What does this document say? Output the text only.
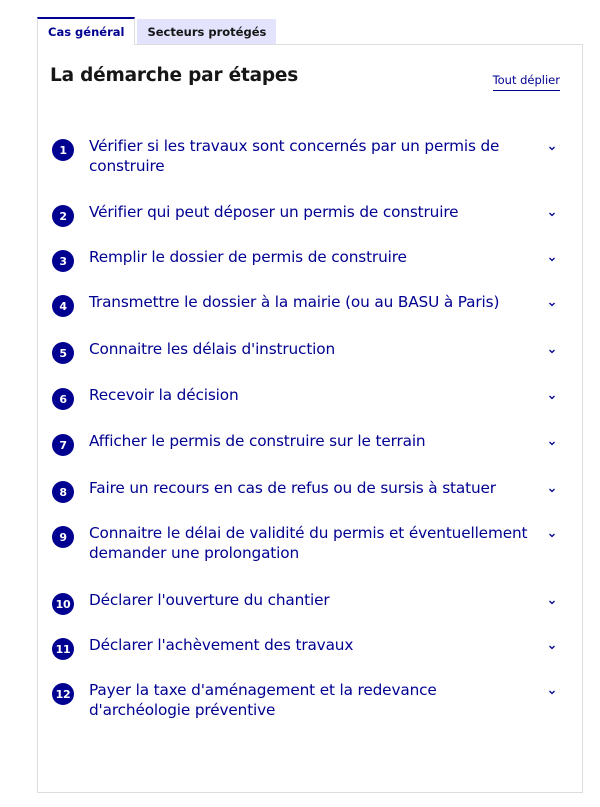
Cas général	Secteurs protégés
La démarche par étapes	Tout déplier
1	Vérifier si les travaux sont concernés par un permis de construire
2	Vérifier qui peut déposer un permis de construire
3	Remplir le dossier de permis de construire
4	Transmettre le dossier à la mairie (ou au BASU à Paris)
5	Connaitre les délais d'instruction
6	Recevoir la décision
7	Afficher le permis de construire sur le terrain
8	Faire un recours en cas de refus ou de sursis à statuer
9	Connaitre le délai de validité du permis et éventuellement demander une prolongation
10 Déclarer l'ouverture du chantier
11 Déclarer l'achèvement des travaux
12 Payer la taxe d'aménagement et la redevance d'archéologie préventive
